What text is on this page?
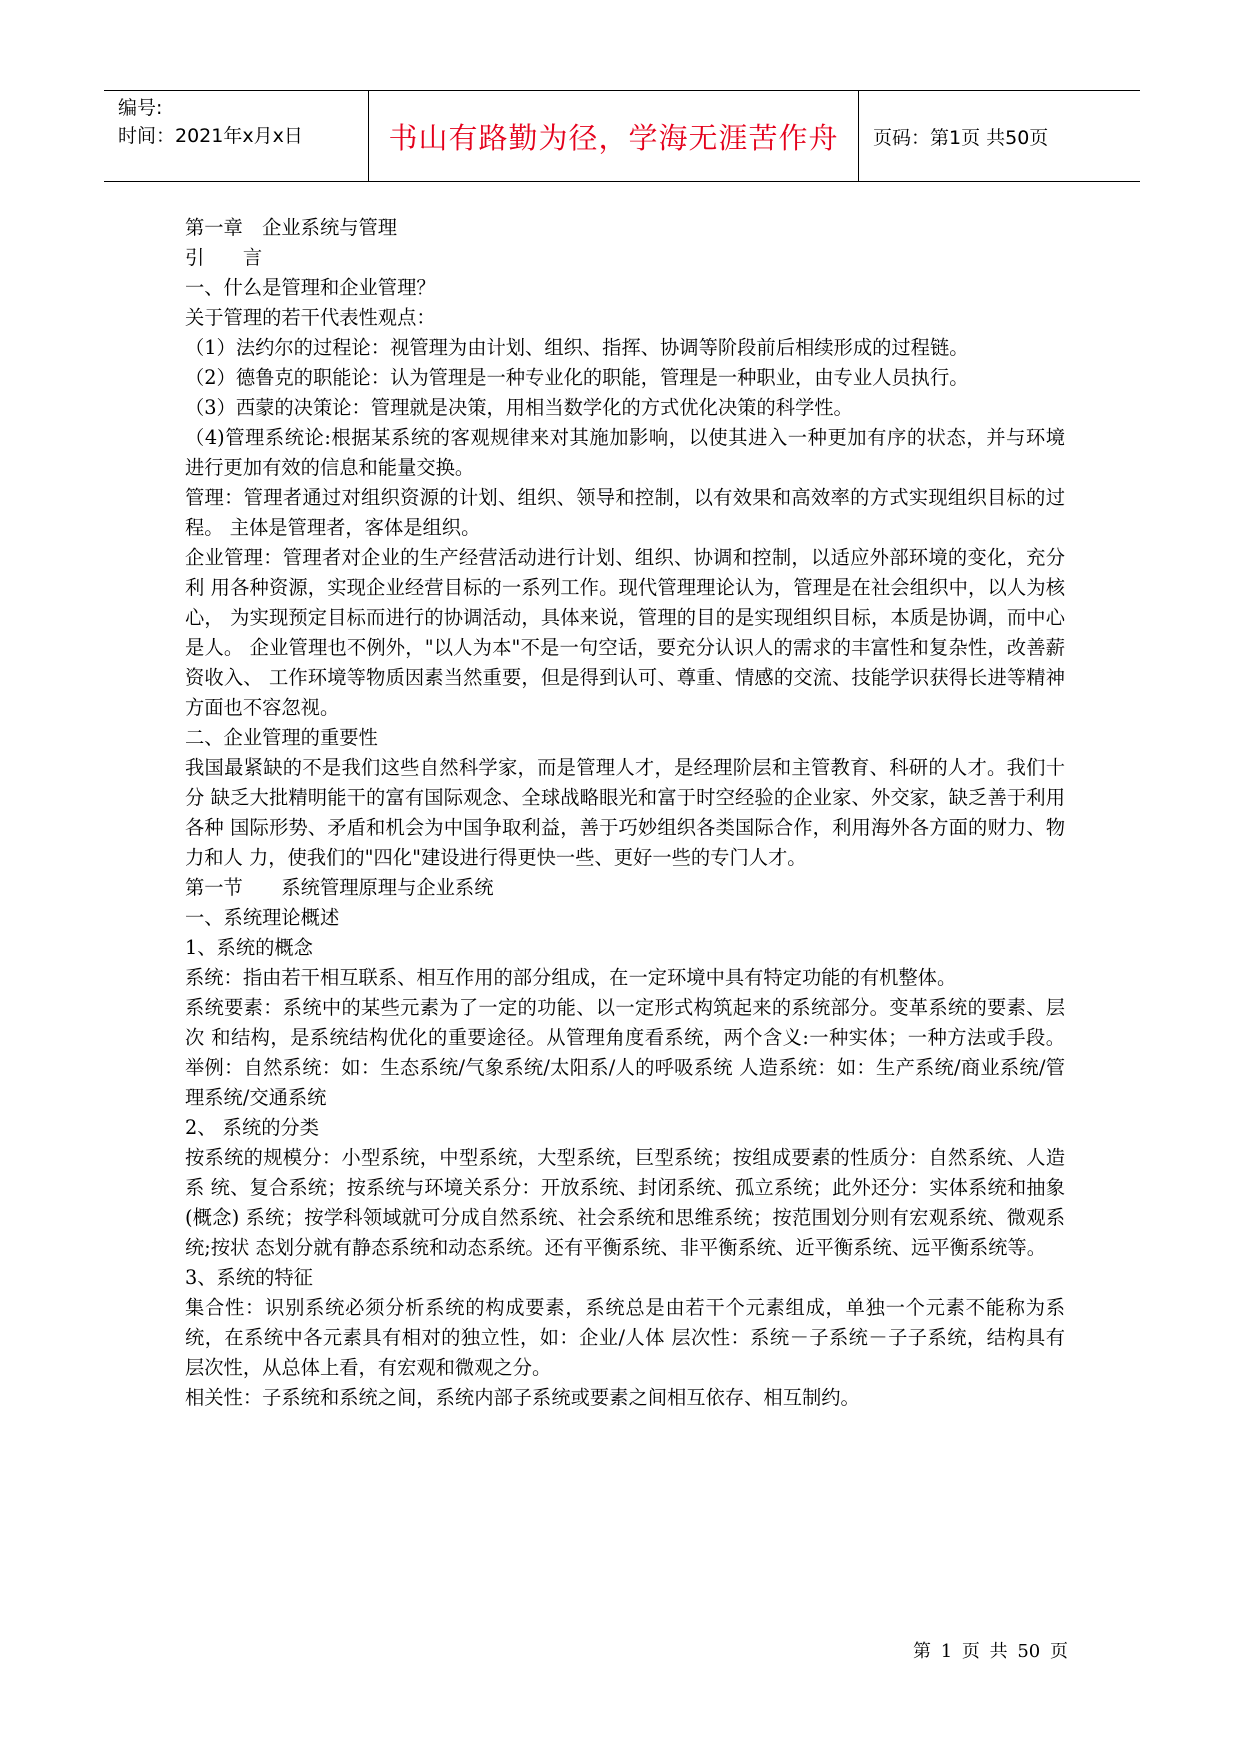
编号:
时间：2021年x月x日	书山有路勤为径，学海无涯苦作舟 页码：第1页 共50页

第一章　企业系统与管理

引　　言

一、什么是管理和企业管理？

关于管理的若干代表性观点：

（1）法约尔的过程论：视管理为由计划、组织、指挥、协调等阶段前后相续形成的过程链。

（2）德鲁克的职能论：认为管理是一种专业化的职能，管理是一种职业，由专业人员执行。

（3）西蒙的决策论：管理就是决策，用相当数学化的方式优化决策的科学性。

（4)管理系统论:根据某系统的客观规律来对其施加影响，以使其进入一种更加有序的状态，并与环境 进行更加有效的信息和能量交换。

管理：管理者通过对组织资源的计划、组织、领导和控制，以有效果和高效率的方式实现组织目标的过程。 主体是管理者，客体是组织。

企业管理：管理者对企业的生产经营活动进行计划、组织、协调和控制，以适应外部环境的变化，充分利 用各种资源，实现企业经营目标的一系列工作。现代管理理论认为，管理是在社会组织中，以人为核心， 为实现预定目标而进行的协调活动，具体来说，管理的目的是实现组织目标，本质是协调，而中心是人。 企业管理也不例外，"以人为本"不是一句空话，要充分认识人的需求的丰富性和复杂性，改善薪资收入、 工作环境等物质因素当然重要，但是得到认可、尊重、情感的交流、技能学识获得长进等精神方面也不容忽视。

二、企业管理的重要性

我国最紧缺的不是我们这些自然科学家，而是管理人才，是经理阶层和主管教育、科研的人才。我们十分 缺乏大批精明能干的富有国际观念、全球战略眼光和富于时空经验的企业家、外交家，缺乏善于利用各种 国际形势、矛盾和机会为中国争取利益，善于巧妙组织各类国际合作，利用海外各方面的财力、物力和人 力，使我们的"四化"建设进行得更快一些、更好一些的专门人才。

第一节　　系统管理原理与企业系统

一、系统理论概述

1、系统的概念

系统：指由若干相互联系、相互作用的部分组成，在一定环境中具有特定功能的有机整体。

系统要素：系统中的某些元素为了一定的功能、以一定形式构筑起来的系统部分。变革系统的要素、层次 和结构，是系统结构优化的重要途径。从管理角度看系统，两个含义:一种实体；一种方法或手段。 举例：自然系统：如：生态系统/气象系统/太阳系/人的呼吸系统 人造系统：如：生产系统/商业系统/管理系统/交通系统

2、 系统的分类

按系统的规模分：小型系统，中型系统，大型系统，巨型系统；按组成要素的性质分：自然系统、人造系 统、复合系统；按系统与环境关系分：开放系统、封闭系统、孤立系统；此外还分：实体系统和抽象(概念) 系统；按学科领域就可分成自然系统、社会系统和思维系统；按范围划分则有宏观系统、微观系统;按状 态划分就有静态系统和动态系统。还有平衡系统、非平衡系统、近平衡系统、远平衡系统等。

3、系统的特征

集合性：识别系统必须分析系统的构成要素，系统总是由若干个元素组成，单独一个元素不能称为系统，在系统中各元素具有相对的独立性，如：企业/人体 层次性：系统－子系统－子子系统，结构具有层次性，从总体上看，有宏观和微观之分。

相关性：子系统和系统之间，系统内部子系统或要素之间相互依存、相互制约。

第 1 页 共 50 页
